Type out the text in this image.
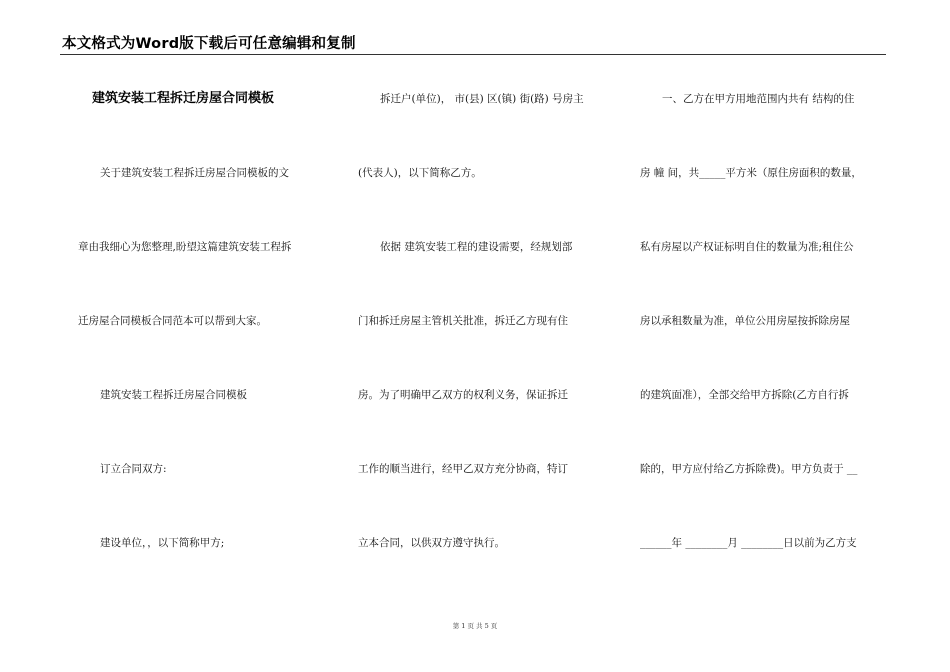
本文格式为Word版下载后可任意编辑和复制
建筑安装工程拆迁房屋合同模板
关于建筑安装工程拆迁房屋合同模板的文
章由我细心为您整理,盼望这篇建筑安装工程拆
迁房屋合同模板合同范本可以帮到大家。
建筑安装工程拆迁房屋合同模板
订立合同双方:
建设单位，，以下简称甲方;
拆迁户(单位)， 市(县) 区(镇) 街(路) 号房主
(代表人)，以下简称乙方。
依据 建筑安装工程的建设需要，经规划部
门和拆迁房屋主管机关批准，拆迁乙方现有住
房。为了明确甲乙双方的权利义务，保证拆迁
工作的顺当进行，经甲乙双方充分协商，特订
立本合同，以供双方遵守执行。
一、乙方在甲方用地范围内共有 结构的住
房 幢 间，共_____平方米（原住房面积的数量，
私有房屋以产权证标明自住的数量为准;租住公
房以承租数量为准，单位公用房屋按拆除房屋
的建筑面准），全部交给甲方拆除(乙方自行拆
除的，甲方应付给乙方拆除费)。甲方负责于 __
______年 ________月 ________日以前为乙方支
第 1 页 共 5 页
